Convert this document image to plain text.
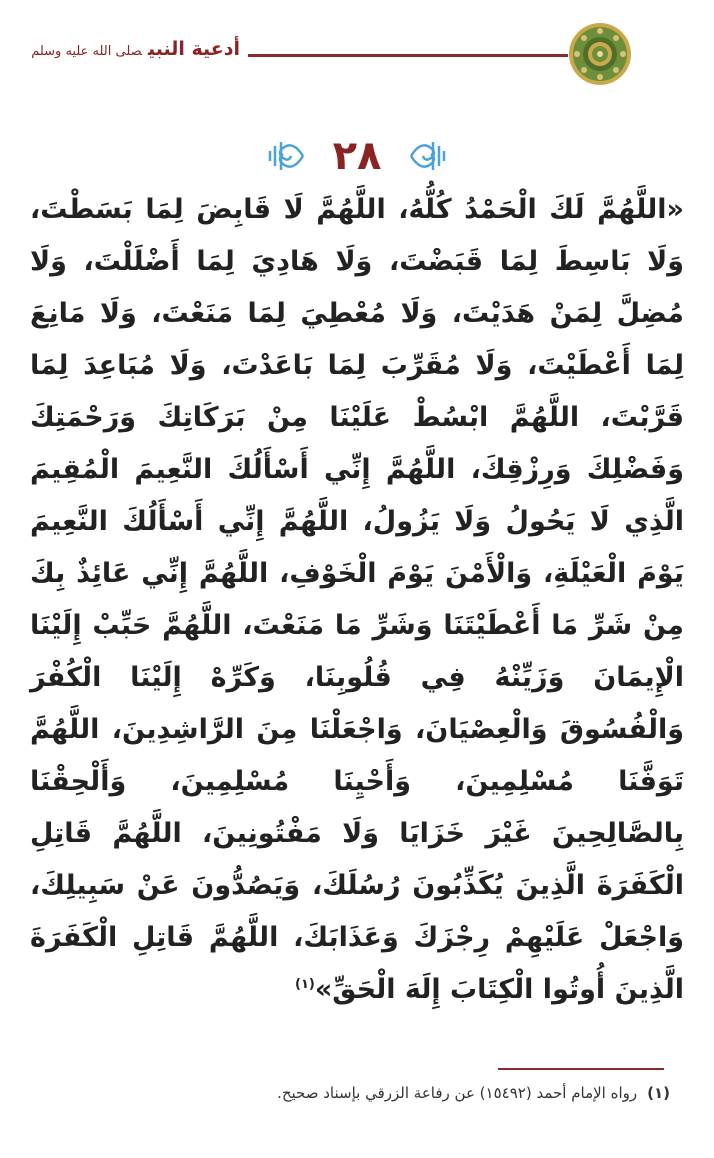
أدعية النبيصلى الله عليه وسلم
٢٨
«اللَّهُمَّ لَكَ الْحَمْدُ كُلُّهُ، اللَّهُمَّ لَا قَابِضَ لِمَا بَسَطْتَ، وَلَا بَاسِطَ لِمَا قَبَضْتَ، وَلَا هَادِيَ لِمَا أَضْلَلْتَ، وَلَا مُضِلَّ لِمَنْ هَدَيْتَ، وَلَا مُعْطِيَ لِمَا مَنَعْتَ، وَلَا مَانِعَ لِمَا أَعْطَيْتَ، وَلَا مُقَرِّبَ لِمَا بَاعَدْتَ، وَلَا مُبَاعِدَ لِمَا قَرَّبْتَ، اللَّهُمَّ ابْسُطْ عَلَيْنَا مِنْ بَرَكَاتِكَ وَرَحْمَتِكَ وَفَضْلِكَ وَرِزْقِكَ، اللَّهُمَّ إِنِّي أَسْأَلُكَ النَّعِيمَ الْمُقِيمَ الَّذِي لَا يَحُولُ وَلَا يَزُولُ، اللَّهُمَّ إِنِّي أَسْأَلُكَ النَّعِيمَ يَوْمَ الْعَيْلَةِ، وَالْأَمْنَ يَوْمَ الْخَوْفِ، اللَّهُمَّ إِنِّي عَائِذٌ بِكَ مِنْ شَرِّ مَا أَعْطَيْتَنَا وَشَرِّ مَا مَنَعْتَ، اللَّهُمَّ حَبِّبْ إِلَيْنَا الْإِيمَانَ وَزَيِّنْهُ فِي قُلُوبِنَا، وَكَرِّهْ إِلَيْنَا الْكُفْرَ وَالْفُسُوقَ وَالْعِصْيَانَ، وَاجْعَلْنَا مِنَ الرَّاشِدِينَ، اللَّهُمَّ تَوَفَّنَا مُسْلِمِينَ، وَأَحْيِنَا مُسْلِمِينَ، وَأَلْحِقْنَا بِالصَّالِحِينَ غَيْرَ خَزَايَا وَلَا مَفْتُونِينَ، اللَّهُمَّ قَاتِلِ الْكَفَرَةَ الَّذِينَ يُكَذِّبُونَ رُسُلَكَ، وَيَصُدُّونَ عَنْ سَبِيلِكَ، وَاجْعَلْ عَلَيْهِمْ رِجْزَكَ وَعَذَابَكَ، اللَّهُمَّ قَاتِلِ الْكَفَرَةَ الَّذِينَ أُوتُوا الْكِتَابَ إِلَهَ الْحَقِّ»$^{(١)}$
(١)رواه الإمام أحمد (١٥٤٩٢) عن رفاعة الزرقي بإسناد صحيح.
